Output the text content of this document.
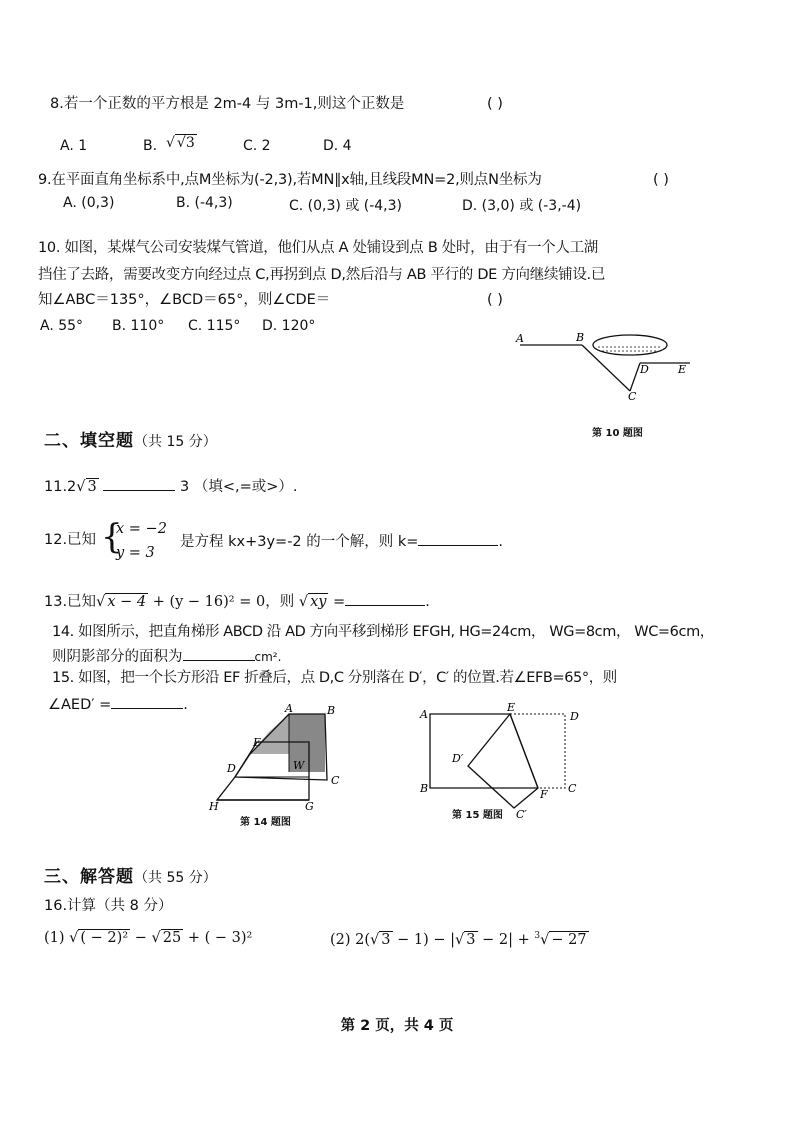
8.若一个正数的平方根是 2m-4 与 3m-1,则这个正数是	( )
A. 1	B. √ √3	C. 2	D. 4
9.在平面直角坐标系中,点M坐标为(-2,3),若MN∥x轴,且线段MN=2,则点N坐标为	( )
A. (0,3)	B. (-4,3)	C. (0,3) 或 (-4,3)	D. (3,0) 或 (-3,-4)
10. 如图，某煤气公司安装煤气管道，他们从点 A 处铺设到点 B 处时，由于有一个人工湖
挡住了去路，需要改变方向经过点 C,再拐到点 D,然后沿与 AB 平行的 DE 方向继续铺设.已
知∠ABC＝135°，∠BCD＝65°，则∠CDE＝	( )
A. 55° B. 110° C. 115° D. 120°
A	B
D	E
C
第 10 题图
二、填空题（共 15 分）
11.2√ 3	3 （填<,=或>）.
12.已知 {
x = −2
y = 3
是方程 kx+3y=-2 的一个解，则 k=	.
13.已知√ x − 4 + (y − 16)² = 0，则 √ xy =	.
14. 如图所示，把直角梯形 ABCD 沿 AD 方向平移到梯形 EFGH, HG=24cm， WG=8cm， WC=6cm，
则阴影部分的面积为	cm².
15. 如图，把一个长方形沿 EF 折叠后，点 D,C 分别落在 D′，C′ 的位置.若∠EFB=65°，则
∠AED′ =	.	A	B
E
D	W
C
H	G
第 14 题图
A
E
D
D′
B	F C
C′
第 15 题图
三、解答题（共 55 分）
16.计算（共 8 分）
(1) √ ( − 2)² − √ 25 + ( − 3)²	(2) 2(√ 3 − 1) − |√ 3 − 2| + $^3$√ − 27
第 2 页，共 4 页
